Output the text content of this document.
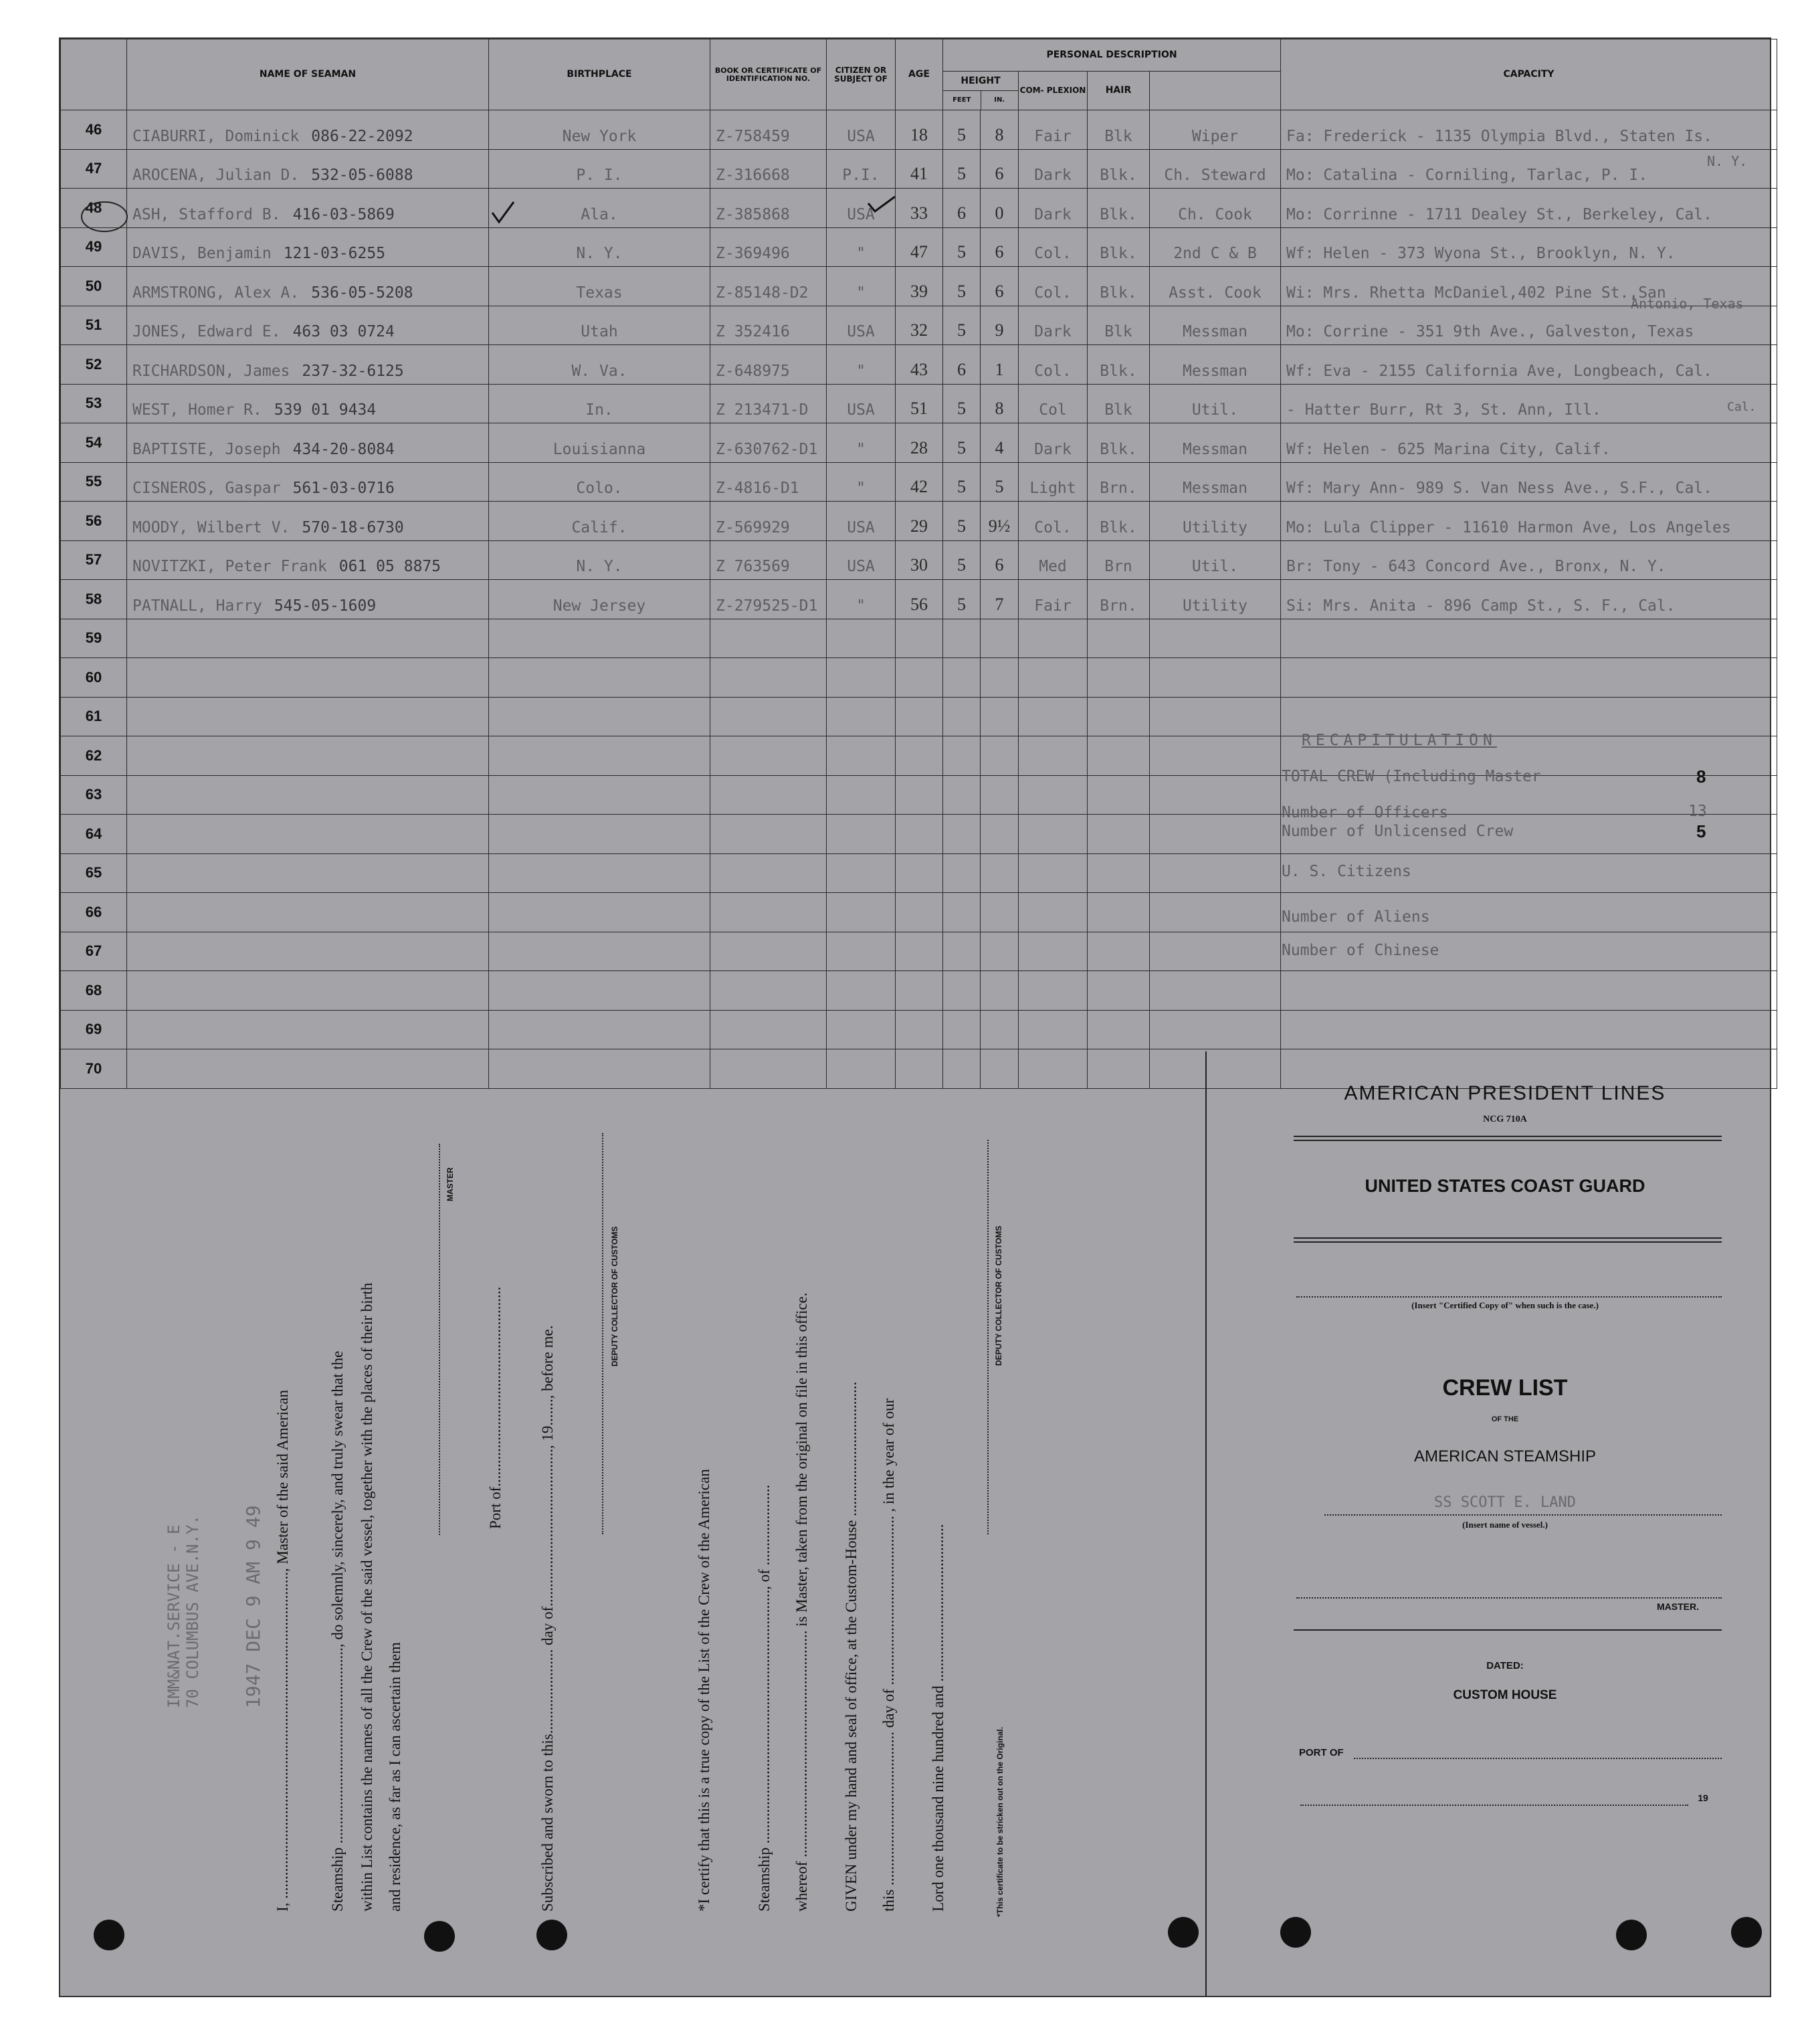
	NAME OF SEAMAN	BIRTHPLACE	BOOK OR CERTIFICATE OF IDENTIFICATION NO.	CITIZEN OR SUBJECT OF	AGE	PERSONAL DESCRIPTION					CAPACITY	

						HEIGHT
FEET IN.		COM- PLEXION	HAIR			
46	CIABURRI, Dominick 086-22-2092	New York	Z-758459	USA	18	5	8	Fair	Blk	Wiper	Fa: Frederick - 1135 Olympia Blvd., Staten Is.	
47	AROCENA, Julian D. 532-05-6088	P. I.	Z-316668	P.I.	41	5	6	Dark	Blk.	Ch. Steward	Mo: Catalina - Corniling, Tarlac, P. I.	
48	ASH, Stafford B. 416-03-5869	Ala.	Z-385868	USA	33	6	0	Dark	Blk.	Ch. Cook	Mo: Corrinne - 1711 Dealey St., Berkeley, Cal.	
49	DAVIS, Benjamin 121-03-6255	N. Y.	Z-369496	"	47	5	6	Col.	Blk.	2nd C & B	Wf: Helen - 373 Wyona St., Brooklyn, N. Y.	
50	ARMSTRONG, Alex A. 536-05-5208	Texas	Z-85148-D2	"	39	5	6	Col.	Blk.	Asst. Cook	Wi: Mrs. Rhetta McDaniel,402 Pine St.,San	
51	JONES, Edward E. 463 03 0724	Utah	Z 352416	USA	32	5	9	Dark	Blk	Messman	Mo: Corrine - 351 9th Ave., Galveston, Texas	
52	RICHARDSON, James 237-32-6125	W. Va.	Z-648975	"	43	6	1	Col.	Blk.	Messman	Wf: Eva - 2155 California Ave, Longbeach, Cal.	
53	WEST, Homer R. 539 01 9434	In.	Z 213471-D	USA	51	5	8	Col	Blk	Util.	- Hatter Burr, Rt 3, St. Ann, Ill.	
54	BAPTISTE, Joseph 434-20-8084	Louisianna	Z-630762-D1	"	28	5	4	Dark	Blk.	Messman	Wf: Helen - 625 Marina City, Calif.	
55	CISNEROS, Gaspar 561-03-0716	Colo.	Z-4816-D1	"	42	5	5	Light	Brn.	Messman	Wf: Mary Ann- 989 S. Van Ness Ave., S.F., Cal.	
56	MOODY, Wilbert V. 570-18-6730	Calif.	Z-569929	USA	29	5	9½	Col.	Blk.	Utility	Mo: Lula Clipper - 11610 Harmon Ave, Los Angeles	
57	NOVITZKI, Peter Frank 061 05 8875	N. Y.	Z 763569	USA	30	5	6	Med	Brn	Util.	Br: Tony - 643 Concord Ave., Bronx, N. Y.	
58	PATNALL, Harry 545-05-1609	New Jersey	Z-279525-D1	"	56	5	7	Fair	Brn.	Utility	Si: Mrs. Anita - 896 Camp St., S. F., Cal.	
59												
60												
61												
62												
63												
64												
65												
66												
67												
68												
69												
70												
N. Y.
Antonio, Texas
Cal.
RECAPITULATION
TOTAL CREW (Including Master	8
Number of Officers	13
Number of Unlicensed Crew	5
U. S. Citizens
Number of Aliens
Number of Chinese
I, ....................................................................................., Master of the said American Steamship ..................................................., do solemnly, sincerely, and truly swear that the within List contains the names of all the Crew of the said vessel, together with the places of their birth and residence, as far as I can ascertain them
MASTER
Port of.................................................... Subscribed and sworn to this...................... day of........................................., 19......., before me.
DEPUTY COLLECTOR OF CUSTOMS
*I certify that this is a true copy of the List of the Crew of the American	Steamship .................................................................., of ..................... whereof ........................................................... is Master, taken from the original on file in this office. GIVEN under my hand and seal of office, at the Custom-House ................................... this ........................................ day of ............................................ , in the year of our Lord one thousand nine hundred and .........................................
DEPUTY COLLECTOR OF CUSTOMS
*This certificate to be stricken out on the Original.
IMM&NAT.SERVICE - E 70 COLUMBUS AVE.N.Y. 1947 DEC 9 AM 9 49
AMERICAN PRESIDENT LINES
NCG 710A
UNITED STATES COAST GUARD
(Insert "Certified Copy of" when such is the case.)
CREW LIST
OF THE
AMERICAN STEAMSHIP
SS SCOTT E. LAND
(Insert name of vessel.)
MASTER.
DATED:
CUSTOM HOUSE
PORT OF
19
